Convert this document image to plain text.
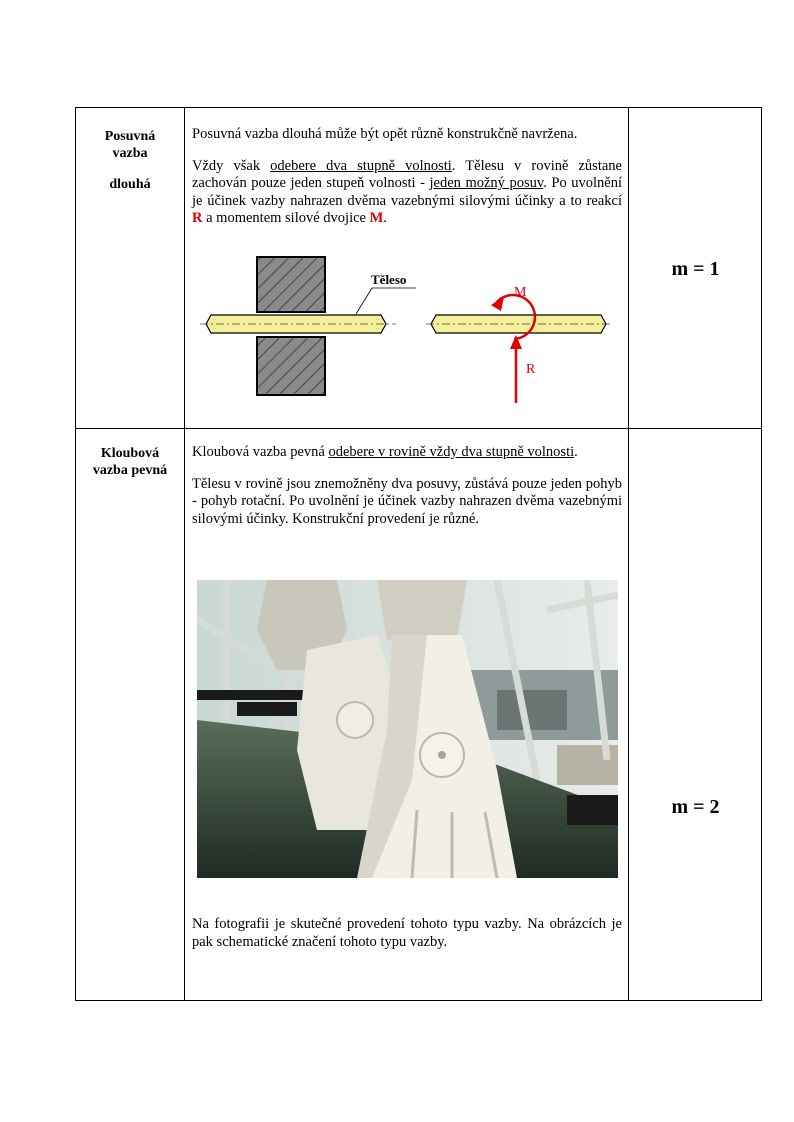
Posuvná

vazba

dlouhá

Posuvná vazba dlouhá může být opět různě konstrukčně navržena.

Vždy však odebere dva stupně volnosti. Tělesu v rovině zůstane zachován pouze jeden stupeň volnosti - jeden možný posuv. Po uvolnění je účinek vazby nahrazen dvěma vazebnými silovými účinky a to reakcí R a momentem silové dvojice M.

Těleso
M
R
m = 1

Kloubová

vazba pevná

Kloubová vazba pevná odebere v rovině vždy dva stupně volnosti.

Tělesu v rovině jsou znemožněny dva posuvy, zůstává pouze jeden pohyb - pohyb rotační. Po uvolnění je účinek vazby nahrazen dvěma vazebnými silovými účinky. Konstrukční provedení je různé.

Na fotografii je skutečné provedení tohoto typu vazby. Na obrázcích je pak schematické značení tohoto typu vazby.

m = 2
